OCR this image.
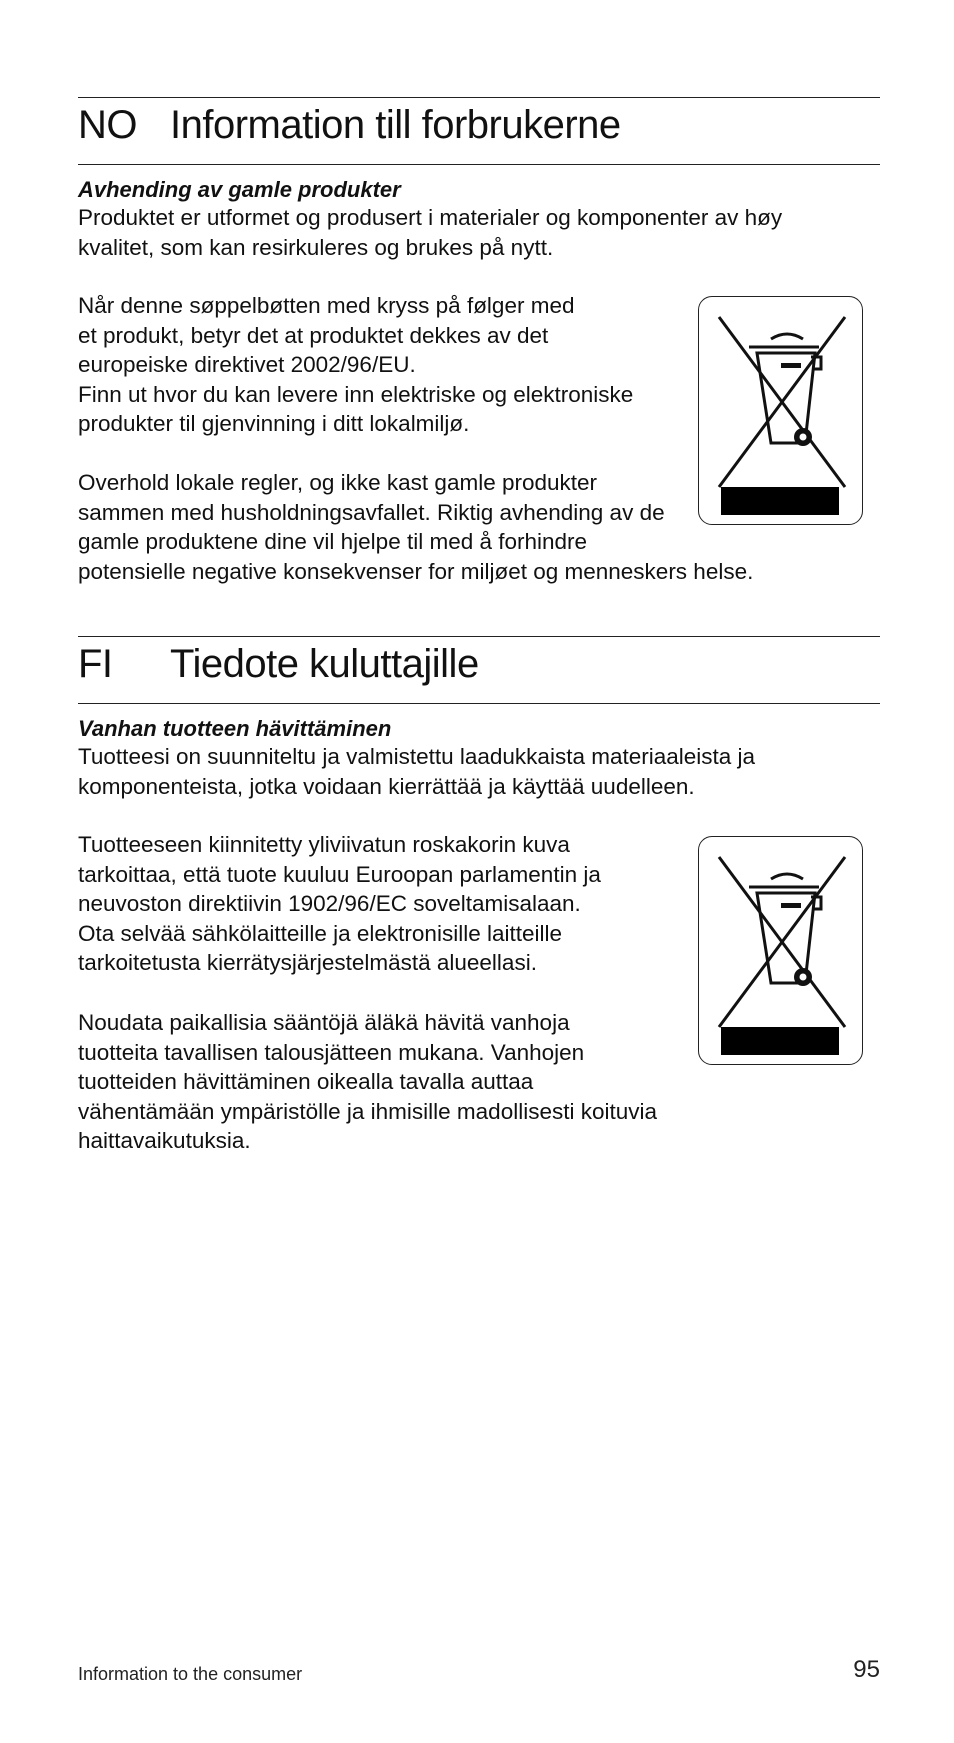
NO Information till forbrukerne
Avhending av gamle produkter
Produktet er utformet og produsert i materialer og komponenter av høy
kvalitet, som kan resirkuleres og brukes på nytt.
Når denne søppelbøtten med kryss på følger med
et produkt, betyr det at produktet dekkes av det
europeiske direktivet 2002/96/EU.
Finn ut hvor du kan levere inn elektriske og elektroniske
produkter til gjenvinning i ditt lokalmiljø.
Overhold lokale regler, og ikke kast gamle produkter
sammen med husholdningsavfallet. Riktig avhending av de
gamle produktene dine vil hjelpe til med å forhindre
potensielle negative konsekvenser for miljøet og menneskers helse.
FI Tiedote kuluttajille
Vanhan tuotteen hävittäminen
Tuotteesi on suunniteltu ja valmistettu laadukkaista materiaaleista ja
komponenteista, jotka voidaan kierrättää ja käyttää uudelleen.
Tuotteeseen kiinnitetty yliviivatun roskakorin kuva
tarkoittaa, että tuote kuuluu Euroopan parlamentin ja
neuvoston direktiivin 1902/96/EC soveltamisalaan.
Ota selvää sähkölaitteille ja elektronisille laitteille
tarkoitetusta kierrätysjärjestelmästä alueellasi.
Noudata paikallisia sääntöjä äläkä hävitä vanhoja
tuotteita tavallisen talousjätteen mukana. Vanhojen
tuotteiden hävittäminen oikealla tavalla auttaa
vähentämään ympäristölle ja ihmisille madollisesti koituvia
haittavaikutuksia.
Information to the consumer	95
